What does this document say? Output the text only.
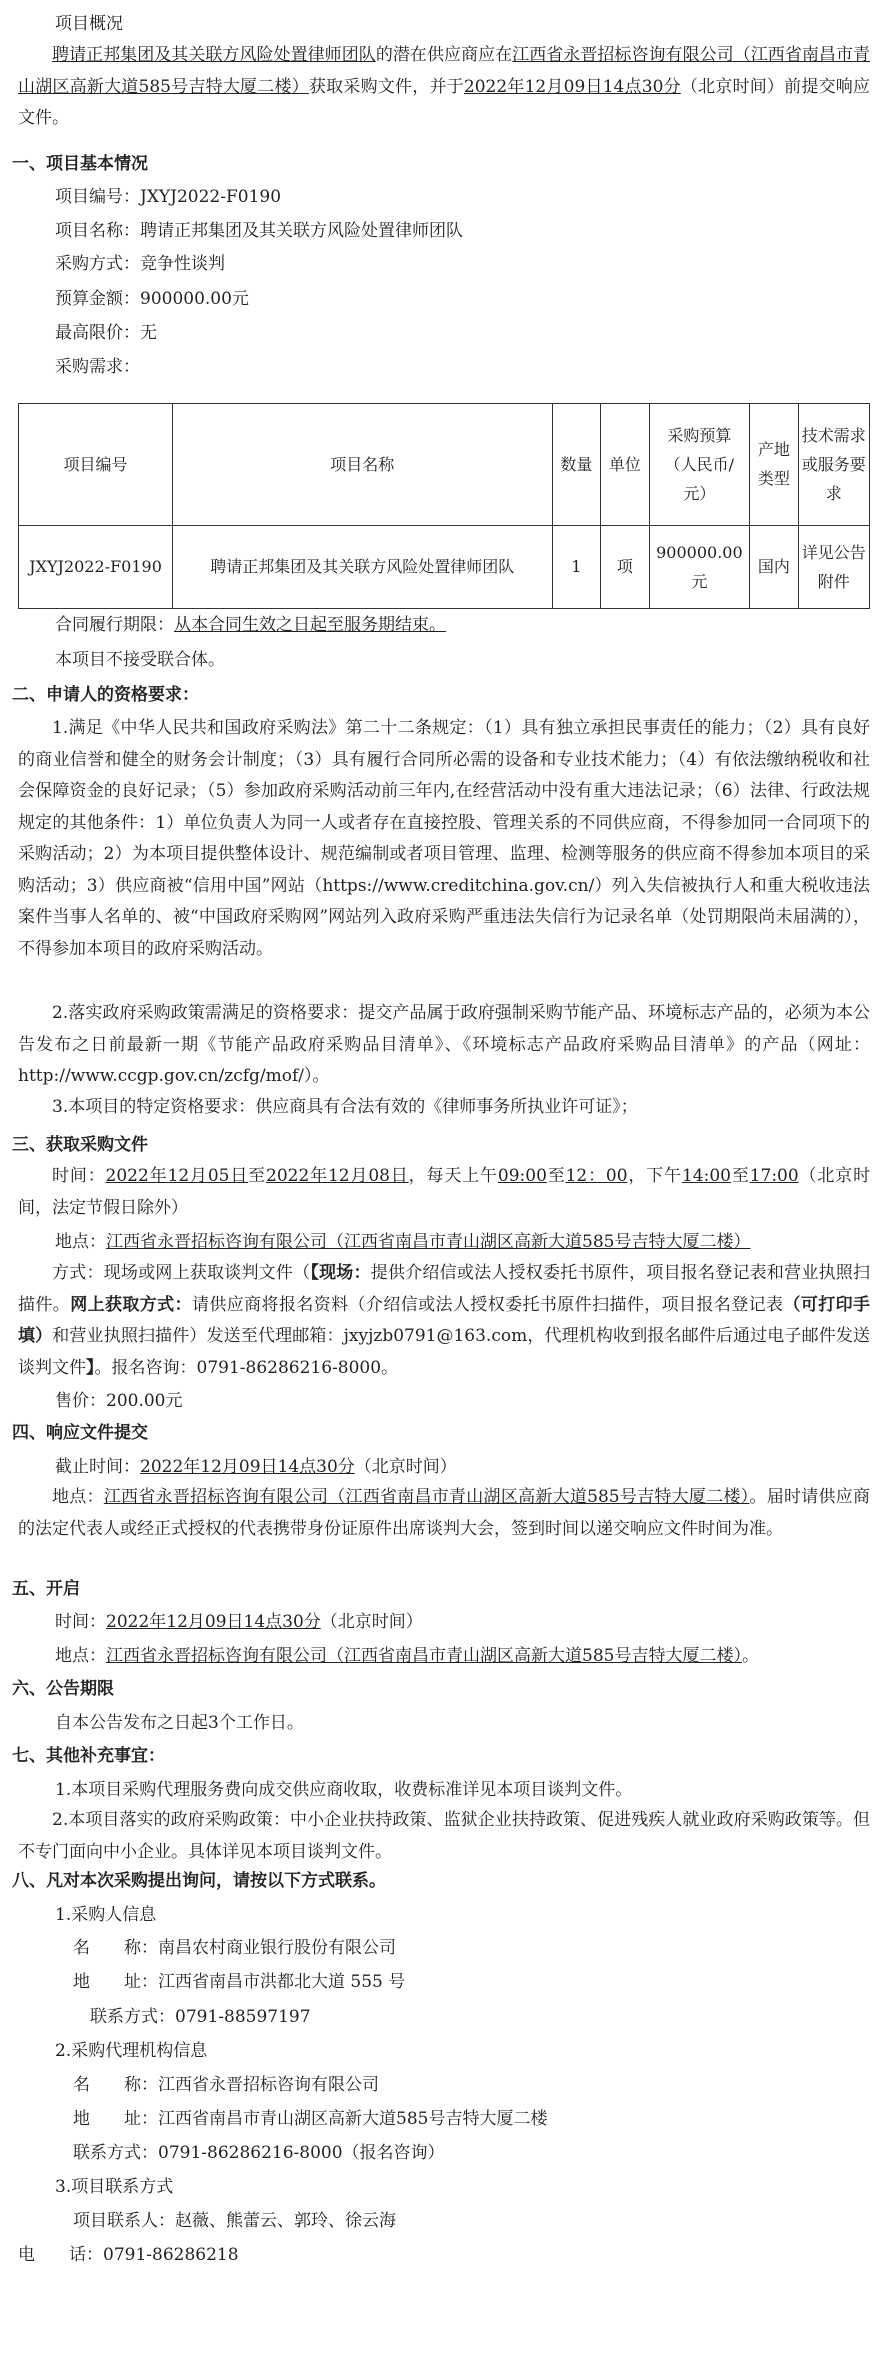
项目概况
聘请正邦集团及其关联方风险处置律师团队的潜在供应商应在江西省永晋招标咨询有限公司（江西省南昌市青山湖区高新大道585号吉特大厦二楼）获取采购文件，并于2022年12月09日14点30分（北京时间）前提交响应文件。
一、项目基本情况
项目编号：JXYJ2022-F0190
项目名称：聘请正邦集团及其关联方风险处置律师团队
采购方式：竞争性谈判
预算金额：900000.00元
最高限价：无
采购需求：
项目编号	项目名称	数量	单位	采购预算（人民币/元）	产地类型	技术需求或服务要求
JXYJ2022-F0190	聘请正邦集团及其关联方风险处置律师团队	1	项	900000.00元	国内	详见公告附件
合同履行期限：从本合同生效之日起至服务期结束。
本项目不接受联合体。
二、申请人的资格要求：
1.满足《中华人民共和国政府采购法》第二十二条规定：（1）具有独立承担民事责任的能力；（2）具有良好的商业信誉和健全的财务会计制度；（3）具有履行合同所必需的设备和专业技术能力；（4）有依法缴纳税收和社会保障资金的良好记录；（5）参加政府采购活动前三年内,在经营活动中没有重大违法记录；（6）法律、行政法规规定的其他条件：1）单位负责人为同一人或者存在直接控股、管理关系的不同供应商，不得参加同一合同项下的采购活动；2）为本项目提供整体设计、规范编制或者项目管理、监理、检测等服务的供应商不得参加本项目的采购活动；3）供应商被“信用中国”网站（https://www.creditchina.gov.cn/）列入失信被执行人和重大税收违法案件当事人名单的、被“中国政府采购网”网站列入政府采购严重违法失信行为记录名单（处罚期限尚未届满的），不得参加本项目的政府采购活动。
2.落实政府采购政策需满足的资格要求：提交产品属于政府强制采购节能产品、环境标志产品的，必须为本公告发布之日前最新一期《节能产品政府采购品目清单》、《环境标志产品政府采购品目清单》的产品（网址：http://www.ccgp.gov.cn/zcfg/mof/）。
3.本项目的特定资格要求：供应商具有合法有效的《律师事务所执业许可证》；
三、获取采购文件
时间：2022年12月05日至2022年12月08日，每天上午09:00至12：00，下午14:00至17:00（北京时间，法定节假日除外）
地点：江西省永晋招标咨询有限公司（江西省南昌市青山湖区高新大道585号吉特大厦二楼）
方式：现场或网上获取谈判文件（【现场：提供介绍信或法人授权委托书原件，项目报名登记表和营业执照扫描件。网上获取方式：请供应商将报名资料（介绍信或法人授权委托书原件扫描件，项目报名登记表（可打印手填）和营业执照扫描件）发送至代理邮箱：jxyjzb0791@163.com，代理机构收到报名邮件后通过电子邮件发送谈判文件】。报名咨询：0791-86286216-8000。
售价：200.00元
四、响应文件提交
截止时间：2022年12月09日14点30分（北京时间）
地点：江西省永晋招标咨询有限公司（江西省南昌市青山湖区高新大道585号吉特大厦二楼）。届时请供应商的法定代表人或经正式授权的代表携带身份证原件出席谈判大会，签到时间以递交响应文件时间为准。
五、开启
时间：2022年12月09日14点30分（北京时间）
地点：江西省永晋招标咨询有限公司（江西省南昌市青山湖区高新大道585号吉特大厦二楼）。
六、公告期限
自本公告发布之日起3个工作日。
七、其他补充事宜：
1.本项目采购代理服务费向成交供应商收取，收费标准详见本项目谈判文件。
2.本项目落实的政府采购政策：中小企业扶持政策、监狱企业扶持政策、促进残疾人就业政府采购政策等。但不专门面向中小企业。具体详见本项目谈判文件。
八、凡对本次采购提出询问，请按以下方式联系。
1.采购人信息
名　　称：南昌农村商业银行股份有限公司
地　　址：江西省南昌市洪都北大道 555 号
联系方式：0791-88597197
2.采购代理机构信息
名　　称：江西省永晋招标咨询有限公司
地　　址：江西省南昌市青山湖区高新大道585号吉特大厦二楼
联系方式：0791-86286216-8000（报名咨询）
3.项目联系方式
项目联系人：赵薇、熊蕾云、郭玲、徐云海
电　　话：0791-86286218
